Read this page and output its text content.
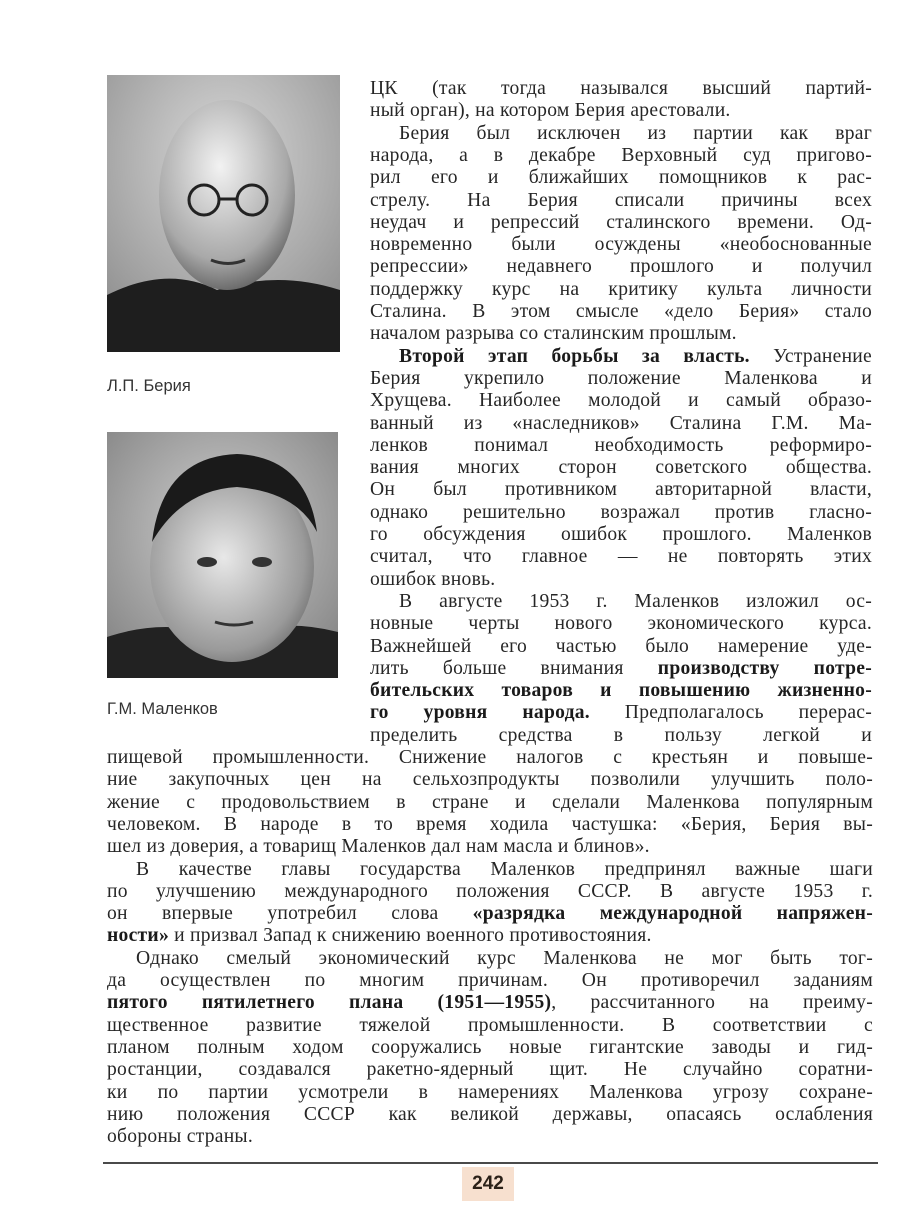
Л.П. Берия
Г.М. Маленков
ЦК (так тогда назывался высший партий-
ный орган), на котором Берия арестовали.
Берия был исключен из партии как враг
народа, а в декабре Верховный суд пригово-
рил его и ближайших помощников к рас-
стрелу. На Берия списали причины всех
неудач и репрессий сталинского времени. Од-
новременно были осуждены «необоснованные
репрессии» недавнего прошлого и получил
поддержку курс на критику культа личности
Сталина. В этом смысле «дело Берия» стало
началом разрыва со сталинским прошлым.
Второй этап борьбы за власть. Устранение
Берия укрепило положение Маленкова и
Хрущева. Наиболее молодой и самый образо-
ванный из «наследников» Сталина Г.М. Ма-
ленков понимал необходимость реформиро-
вания многих сторон советского общества.
Он был противником авторитарной власти,
однако решительно возражал против гласно-
го обсуждения ошибок прошлого. Маленков
считал, что главное — не повторять этих
ошибок вновь.
В августе 1953 г. Маленков изложил ос-
новные черты нового экономического курса.
Важнейшей его частью было намерение уде-
лить больше внимания производству потре-
бительских товаров и повышению жизненно-
го уровня народа. Предполагалось перерас-
пределить средства в пользу легкой и
пищевой промышленности. Снижение налогов с крестьян и повыше-
ние закупочных цен на сельхозпродукты позволили улучшить поло-
жение с продовольствием в стране и сделали Маленкова популярным
человеком. В народе в то время ходила частушка: «Берия, Берия вы-
шел из доверия, а товарищ Маленков дал нам масла и блинов».
В качестве главы государства Маленков предпринял важные шаги
по улучшению международного положения СССР. В августе 1953 г.
он впервые употребил слова «разрядка международной напряжен-
ности» и призвал Запад к снижению военного противостояния.
Однако смелый экономический курс Маленкова не мог быть тог-
да осуществлен по многим причинам. Он противоречил заданиям
пятого пятилетнего плана (1951—1955), рассчитанного на преиму-
щественное развитие тяжелой промышленности. В соответствии с
планом полным ходом сооружались новые гигантские заводы и гид-
ростанции, создавался ракетно-ядерный щит. Не случайно соратни-
ки по партии усмотрели в намерениях Маленкова угрозу сохране-
нию положения СССР как великой державы, опасаясь ослабления
обороны страны.
242
